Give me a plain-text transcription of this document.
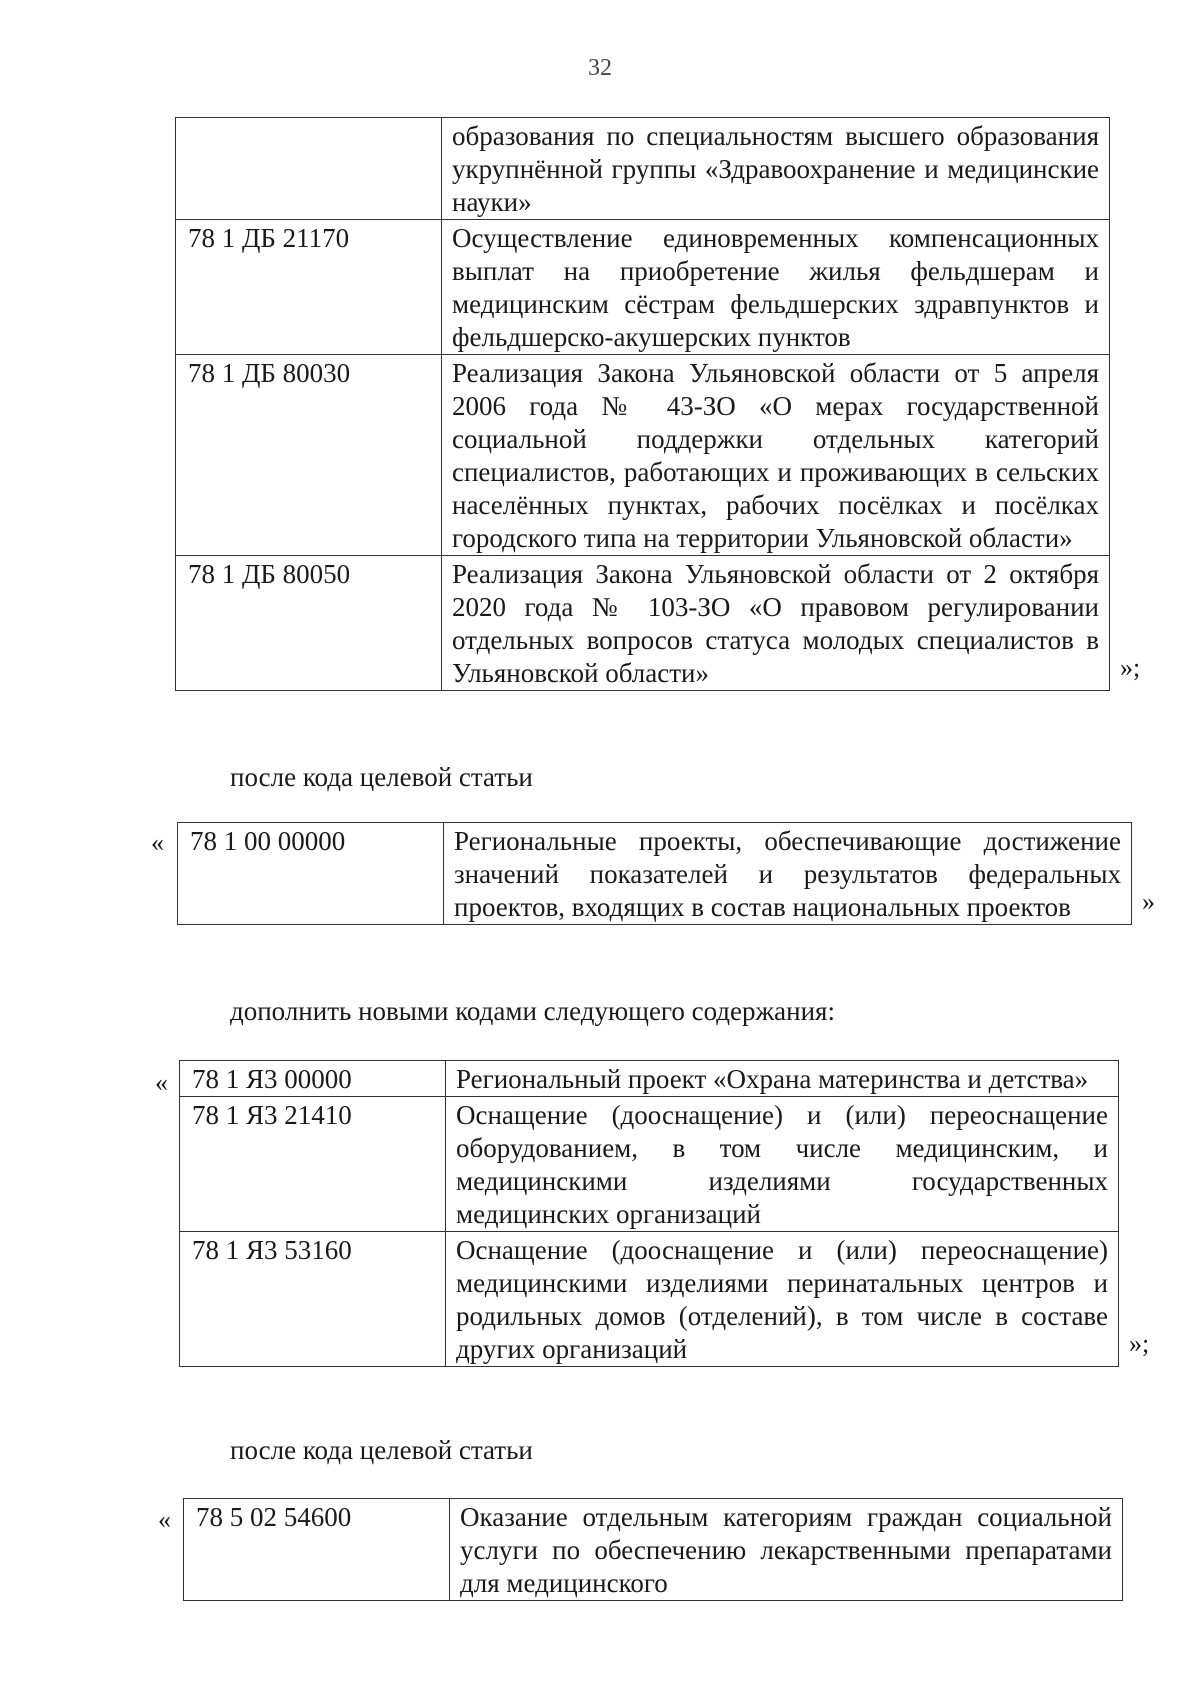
32
	образования по специальностям высшего образования укрупнённой группы «Здравоохранение и медицинские науки»
78 1 ДБ 21170	Осуществление единовременных компенсационных выплат на приобретение жилья фельдшерам и медицинским сёстрам фельдшерских здравпунктов и фельдшерско-акушерских пунктов
78 1 ДБ 80030	Реализация Закона Ульяновской области от 5 апреля 2006 года № 43-ЗО «О мерах государственной социальной поддержки отдельных категорий специалистов, работающих и проживающих в сельских населённых пунктах, рабочих посёлках и посёлках городского типа на территории Ульяновской области»
78 1 ДБ 80050	Реализация Закона Ульяновской области от 2 октября 2020 года № 103-ЗО «О правовом регулировании отдельных вопросов статуса молодых специалистов в Ульяновской области»	»;
после кода целевой статьи
« 78 1 00 00000	Региональные проекты, обеспечивающие достижение значений показателей и результатов федеральных проектов, входящих в состав национальных проектов	»
дополнить новыми кодами следующего содержания:
« 78 1 Я3 00000	Региональный проект «Охрана материнства и детства»
78 1 Я3 21410	Оснащение (дооснащение) и (или) переоснащение оборудованием, в том числе медицинским, и медицинскими изделиями государственных медицинских организаций
78 1 Я3 53160	Оснащение (дооснащение и (или) переоснащение) медицинскими изделиями перинатальных центров и родильных домов (отделений), в том числе в составе других организаций	»;
после кода целевой статьи
« 78 5 02 54600	Оказание отдельным категориям граждан социальной услуги по обеспечению лекарственными препаратами для медицинского
